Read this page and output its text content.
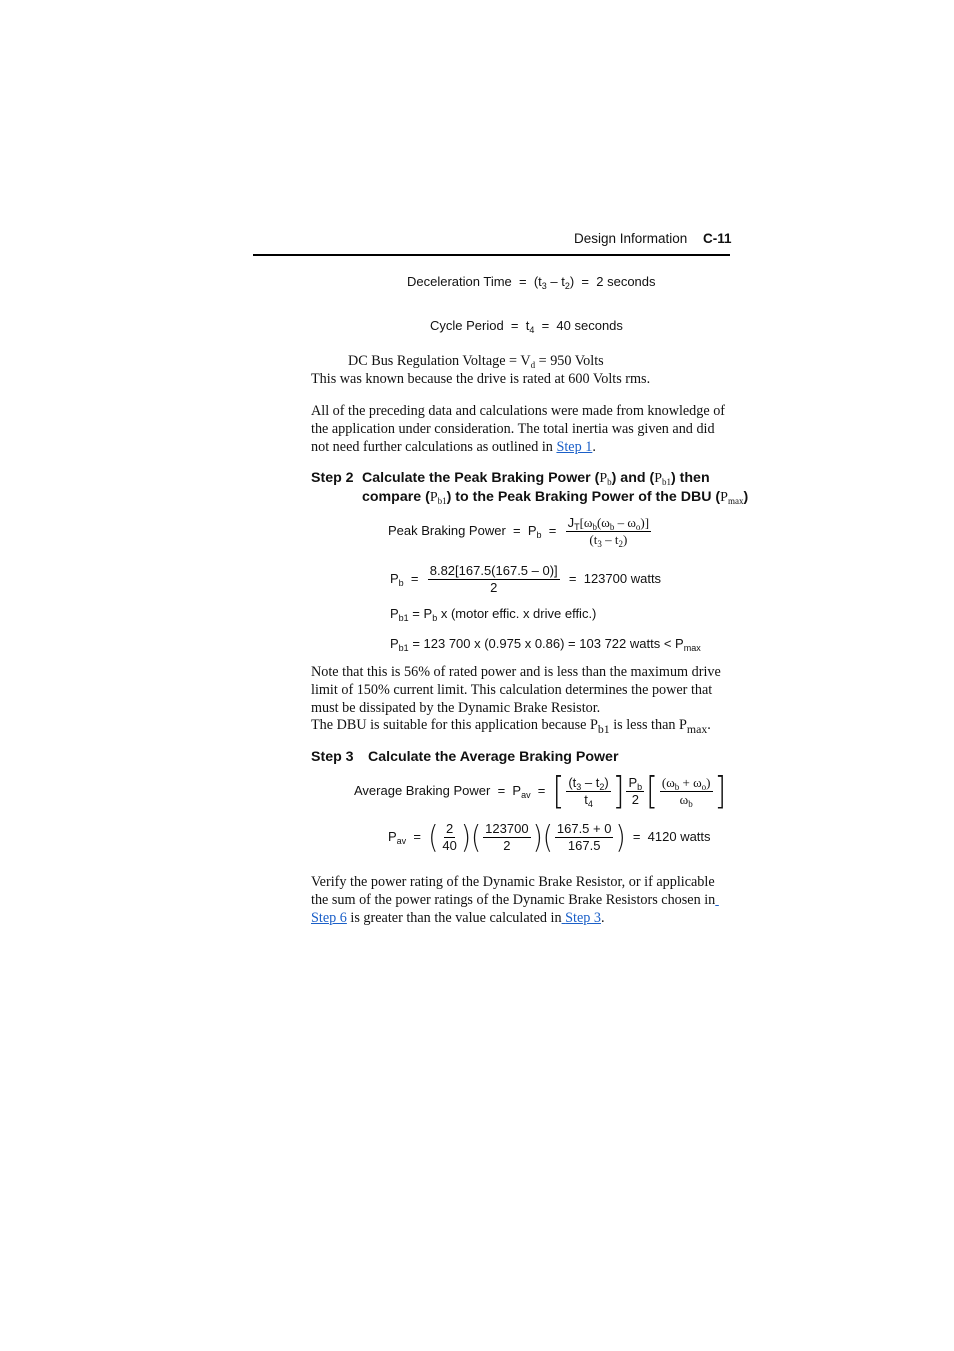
Design Information C-11
Deceleration Time  =  $(t_3 - t_2) = 2$ seconds
Cycle Period  =  $t_4 = 40$ seconds
DC Bus Regulation Voltage = $V_d = 950$ Volts
This was known because the drive is rated at 600 Volts rms.
All of the preceding data and calculations were made from knowledge of the application under consideration. The total inertia was given and did not need further calculations as outlined in Step 1.
Step 2 Calculate the Peak Braking Power $(P_b)$ and $(P_{b1})$ then
compare $(P_{b1})$ to the Peak Braking Power of the DBU $(P_{max})$
Peak Braking Power  =  $P_b = \frac{J_T[\omega_b(\omega_b - \omega_o)]}{(t_3 - t_2)}$
$P_b = \frac{8.82[167.5(167.5 - 0)]}{2} = 123700$ watts
$P_{b1} = P_b$ x (motor effic. x drive effic.)
$P_{b1} = 123$ 700 x (0.975 x 0.86) = 103 722 watts < $P_{max}$
Note that this is 56% of rated power and is less than the maximum drive limit of 150% current limit. This calculation determines the power that must be dissipated by the Dynamic Brake Resistor.
The DBU is suitable for this application because $P_{b1}$ is less than $P_{max}$.
Step 3 Calculate the Average Braking Power
Average Braking Power  =  $P_{av}$  =  [ $\frac{(t_3 - t_2)}{t_4}$ ] $\frac{P_b}{2}$ [ $\frac{(\omega_b + \omega_o)}{\omega_b}$ ]
$P_{av}$  =  ( $\frac{2}{40}$ )( $\frac{123700}{2}$ )( $\frac{167.5 + 0}{167.5}$ )  =  4120 watts
Verify the power rating of the Dynamic Brake Resistor, or if applicable the sum of the power ratings of the Dynamic Brake Resistors chosen in  Step 6 is greater than the value calculated in Step 3.
